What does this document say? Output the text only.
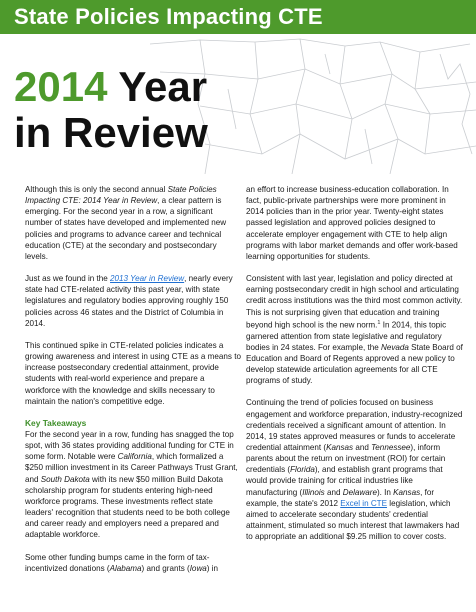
State Policies Impacting CTE
2014 Year
in Review

Although this is only the second annual State Policies Impacting CTE: 2014 Year in Review, a clear pattern is emerging. For the second year in a row, a significant number of states have developed and implemented new policies and programs to advance career and technical education (CTE) at the secondary and postsecondary levels.

Just as we found in the 2013 Year in Review, nearly every state had CTE-related activity this past year, with state legislatures and regulatory bodies approving roughly 150 policies across 46 states and the District of Columbia in 2014.

This continued spike in CTE-related policies indicates a growing awareness and interest in using CTE as a means to increase postsecondary credential attainment, provide students with real-world experience and prepare a workforce with the knowledge and skills necessary to maintain the nation's competitive edge.

Key Takeaways

For the second year in a row, funding has snagged the top spot, with 36 states providing additional funding for CTE in some form. Notable were California, which formalized a $250 million investment in its Career Pathways Trust Grant, and South Dakota with its new $50 million Build Dakota scholarship program for students entering high-need workforce programs. These investments reflect state leaders' recognition that students need to be both college and career ready and employers need a prepared and adaptable workforce.

Some other funding bumps came in the form of tax-incentivized donations (Alabama) and grants (Iowa) in

an effort to increase business-education collaboration. In fact, public-private partnerships were more prominent in 2014 policies than in the prior year. Twenty-eight states passed legislation and approved policies designed to accelerate employer engagement with CTE to help align programs with labor market demands and offer work-based learning opportunities for students.

Consistent with last year, legislation and policy directed at earning postsecondary credit in high school and articulating credit across institutions was the third most common activity. This is not surprising given that education and training beyond high school is the new norm.$^1$ In 2014, this topic garnered attention from state legislative and regulatory bodies in 24 states. For example, the Nevada State Board of Education and Board of Regents approved a new policy to develop statewide articulation agreements for all CTE programs of study.

Continuing the trend of policies focused on business engagement and workforce preparation, industry-recognized credentials received a significant amount of attention. In 2014, 19 states approved measures or funds to accelerate credential attainment (Kansas and Tennessee), inform parents about the return on investment (ROI) for certain credentials (Florida), and establish grant programs that would provide training for critical industries like manufacturing (Illinois and Delaware). In Kansas, for example, the state's 2012 Excel in CTE legislation, which aimed to accelerate secondary students' credential attainment, stimulated so much interest that lawmakers had to appropriate an additional $9.25 million to cover costs.
